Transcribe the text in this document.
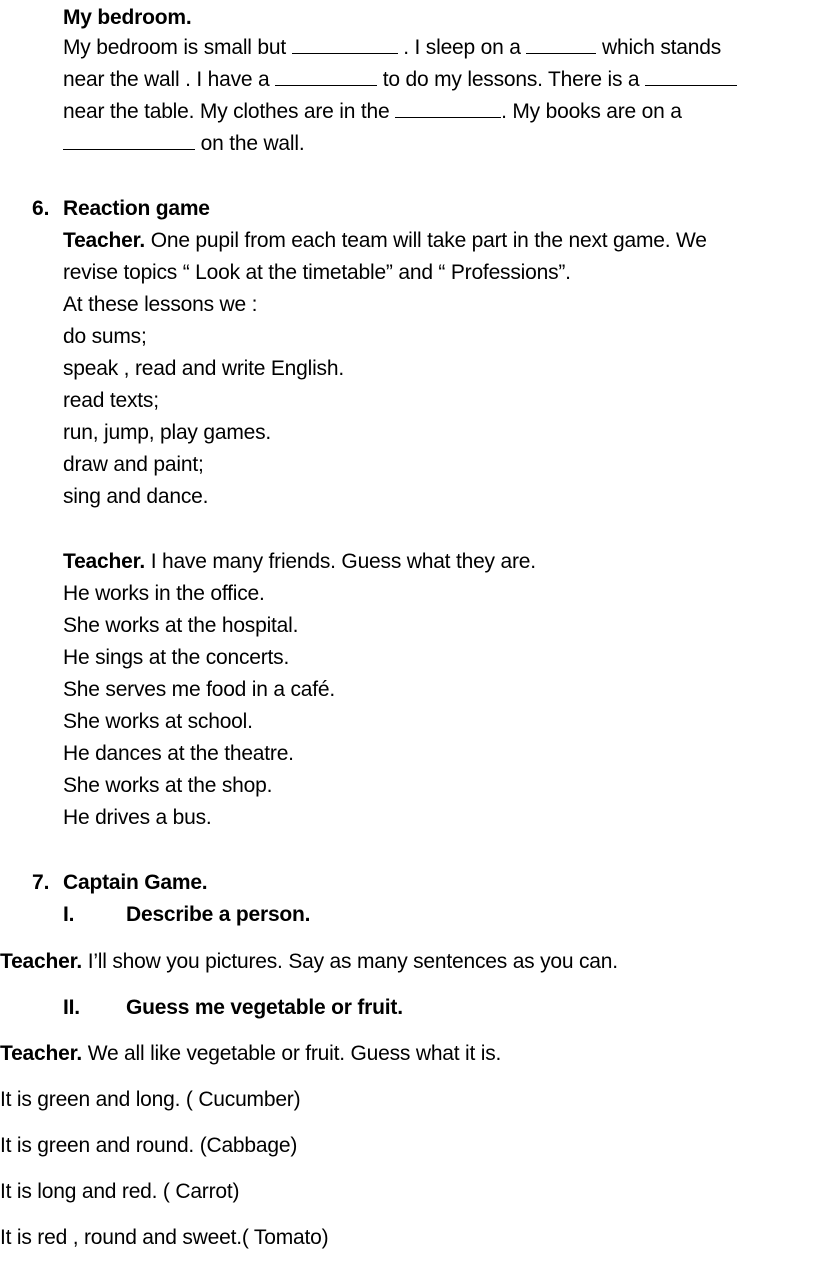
My bedroom.
My bedroom is small but	. I sleep on a	which stands
near the wall . I have a	to do my lessons. There is a
near the table. My clothes are in the	. My books are on a
on the wall.
6. Reaction game
Teacher. One pupil from each team will take part in the next game. We
revise topics “ Look at the timetable” and “ Professions”.
At these lessons we :
do sums;
speak , read and write English.
read texts;
run, jump, play games.
draw and paint;
sing and dance.
Teacher. I have many friends. Guess what they are.
He works in the office.
She works at the hospital.
He sings at the concerts.
She serves me food in a café.
She works at school.
He dances at the theatre.
She works at the shop.
He drives a bus.
7. Captain Game.
I. Describe a person.
Teacher. I’ll show you pictures. Say as many sentences as you can.
II. Guess me vegetable or fruit.
Teacher. We all like vegetable or fruit. Guess what it is.
It is green and long. ( Cucumber)
It is green and round. (Cabbage)
It is long and red. ( Carrot)
It is red , round and sweet.( Tomato)
